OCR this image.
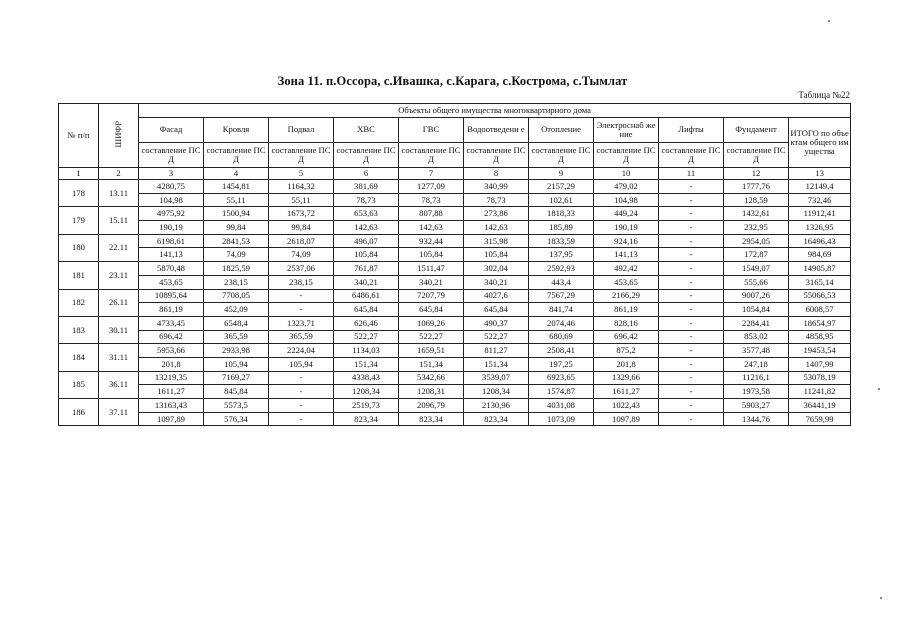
Зона 11. п.Оссора, с.Ивашка, с.Карага, с.Кострома, с.Тымлат
Таблица №22
№ п/п	ШИФР	Объекты общего имущества многоквартирного дома										
		Фасад	Кровля	Подвал	ХВС	ГВС	Водоотведени е	Отопление	Электроснаб жение	Лифты	Фундамент	ИТОГО по объектам общего имущества
		составление ПСД	составление ПСД	составление ПСД	составление ПСД	составление ПСД	составление ПСД	составление ПСД	составление ПСД	составление ПСД	составление ПСД	
1	2	3	4	5	6	7	8	9	10	11	12	13
178	13.11	4280,75	1454,81	1164,32	381,69	1277,09	340,99	2157,29	479,02	-	1777,76	12149,4
		104,98	55,11	55,11	78,73	78,73	78,73	102,61	104,98	-	128,59	732,46
179	15.11	4975,92	1500,94	1673,72	653,63	807,88	273,86	1818,33	449,24	-	1432,61	11912,41
		190,19	99,84	99,84	142,63	142,63	142,63	185,89	190,19	-	232,95	1326,95
180	22.11	6198,61	2841,53	2618,07	496,07	932,44	315,98	1833,59	924,16	-	2954,05	16496,43
		141,13	74,09	74,09	105,84	105,84	105,84	137,95	141,13	-	172,87	984,69
181	23.11	5870,48	1825,59	2537,06	761,87	1511,47	302,04	2592,93	492,42	-	1549,07	14905,87
		453,65	238,15	238,15	340,21	340,21	340,21	443,4	453,65	-	555,66	3165,14
182	26.11	10895,64	7708,05	-	6486,61	7207,79	4027,6	7567,29	2166,29	-	9007,26	55066,53
		861,19	452,09	-	645,84	645,84	645,84	841,74	861,19	-	1054,84	6008,57
183	30.11	4733,45	6548,4	1323,71	626,46	1069,26	490,37	2074,46	828,16	-	2284,41	18654,97
		696,42	365,59	365,59	522,27	522,27	522,27	680,69	696,42	-	853,02	4858,95
184	31.11	5953,66	2933,98	2224,04	1134,03	1659,51	811,27	2508,41	875,2	-	3577,48	19453,54
		201,8	105,94	105,94	151,34	151,34	151,34	197,25	201,8	-	247,18	1407,99
185	36.11	13219,35	7169,27	-	4338,43	5342,66	3539,07	6923,65	1329,66	-	11216,1	53078,19
		1611,27	845,84	-	1208,34	1208,31	1208,34	1574,87	1611,27	-	1973,58	11241,82
186	37.11	13163,43	5573,5	-	2519,73	2096,79	2130,96	4031,08	1022,43	-	5903,27	36441,19
		1097,89	576,34	-	823,34	823,34	823,34	1073,09	1097,89	-	1344,76	7659,99
